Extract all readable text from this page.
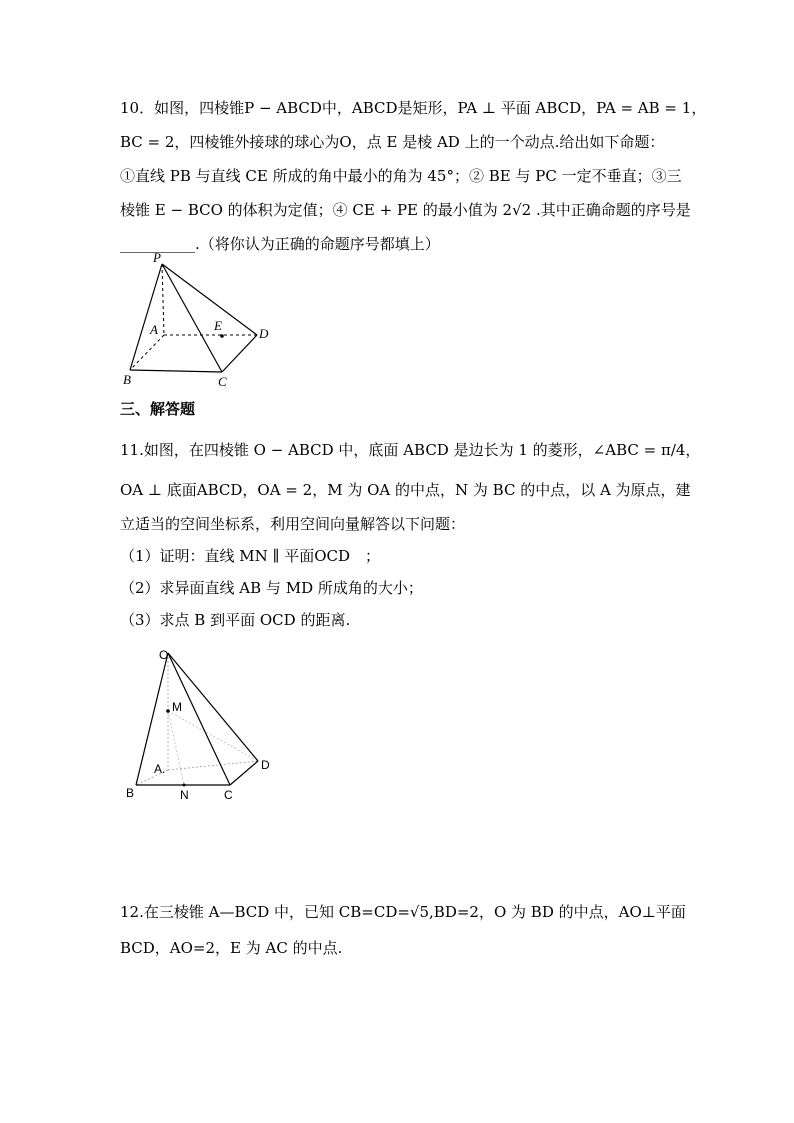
10．如图，四棱锥P − ABCD中，ABCD是矩形，PA ⊥ 平面 ABCD，PA = AB = 1，
BC = 2，四棱锥外接球的球心为O，点 E 是棱 AD 上的一个动点.给出如下命题：
①直线 PB 与直线 CE 所成的角中最小的角为 45°；② BE 与 PC 一定不垂直；③三
棱锥 E − BCO 的体积为定值；④ CE + PE 的最小值为 2√2 .其中正确命题的序号是
__________.（将你认为正确的命题序号都填上）
P
A	E
D
B	C
三、解答题
11.如图，在四棱锥 O − ABCD 中，底面 ABCD 是边长为 1 的菱形，∠ABC = π/4，
OA ⊥ 底面ABCD，OA = 2，M 为 OA 的中点，N 为 BC 的中点，以 A 为原点，建
立适当的空间坐标系，利用空间向量解答以下问题：
（1）证明：直线 MN ∥ 平面OCD　；
（2）求异面直线 AB 与 MD 所成角的大小；
（3）求点 B 到平面 OCD 的距离.
O
M
A.	D
B	N	C
12.在三棱锥 A—BCD 中，已知 CB=CD=√5,BD=2，O 为 BD 的中点，AO⊥平面
BCD，AO=2，E 为 AC 的中点.
